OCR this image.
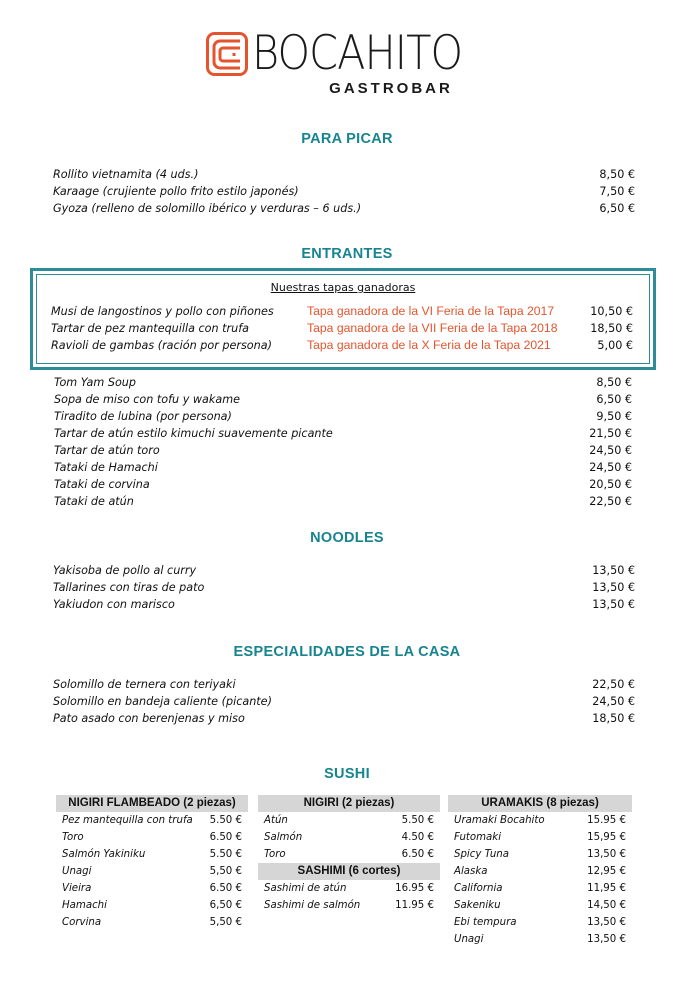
BOCAHITO
GASTROBAR
PARA PICAR
Rollito vietnamita (4 uds.)	8,50 €
Karaage (crujiente pollo frito estilo japonés)	7,50 €
Gyoza (relleno de solomillo ibérico y verduras – 6 uds.)	6,50 €
ENTRANTES
Nuestras tapas ganadoras
Musi de langostinos y pollo con piñones	Tapa ganadora de la VI Feria de la Tapa 2017	10,50 €
Tartar de pez mantequilla con trufa	Tapa ganadora de la VII Feria de la Tapa 2018	18,50 €
Ravioli de gambas (ración por persona)	Tapa ganadora de la X Feria de la Tapa 2021	5,00 €
Tom Yam Soup	8,50 €
Sopa de miso con tofu y wakame	6,50 €
Tiradito de lubina (por persona)	9,50 €
Tartar de atún estilo kimuchi suavemente picante	21,50 €
Tartar de atún toro	24,50 €
Tataki de Hamachi	24,50 €
Tataki de corvina	20,50 €
Tataki de atún	22,50 €
NOODLES
Yakisoba de pollo al curry	13,50 €
Tallarines con tiras de pato	13,50 €
Yakiudon con marisco	13,50 €
ESPECIALIDADES DE LA CASA
Solomillo de ternera con teriyaki	22,50 €
Solomillo en bandeja caliente (picante)	24,50 €
Pato asado con berenjenas y miso	18,50 €
SUSHI
NIGIRI FLAMBEADO (2 piezas)
Pez mantequilla con trufa 5.50 €
Toro	6.50 €
Salmón Yakiniku	5.50 €
Unagi	5,50 €
Vieira	6.50 €
Hamachi	6,50 €
Corvina	5,50 €
NIGIRI (2 piezas)
Atún	5.50 €
Salmón	4.50 €
Toro	6.50 €
SASHIMI (6 cortes)
Sashimi de atún	16.95 €
Sashimi de salmón	11.95 €
URAMAKIS (8 piezas)
Uramaki Bocahito	15.95 €
Futomaki	15,95 €
Spicy Tuna	13,50 €
Alaska	12,95 €
California	11,95 €
Sakeniku	14,50 €
Ebi tempura	13,50 €
Unagi	13,50 €
